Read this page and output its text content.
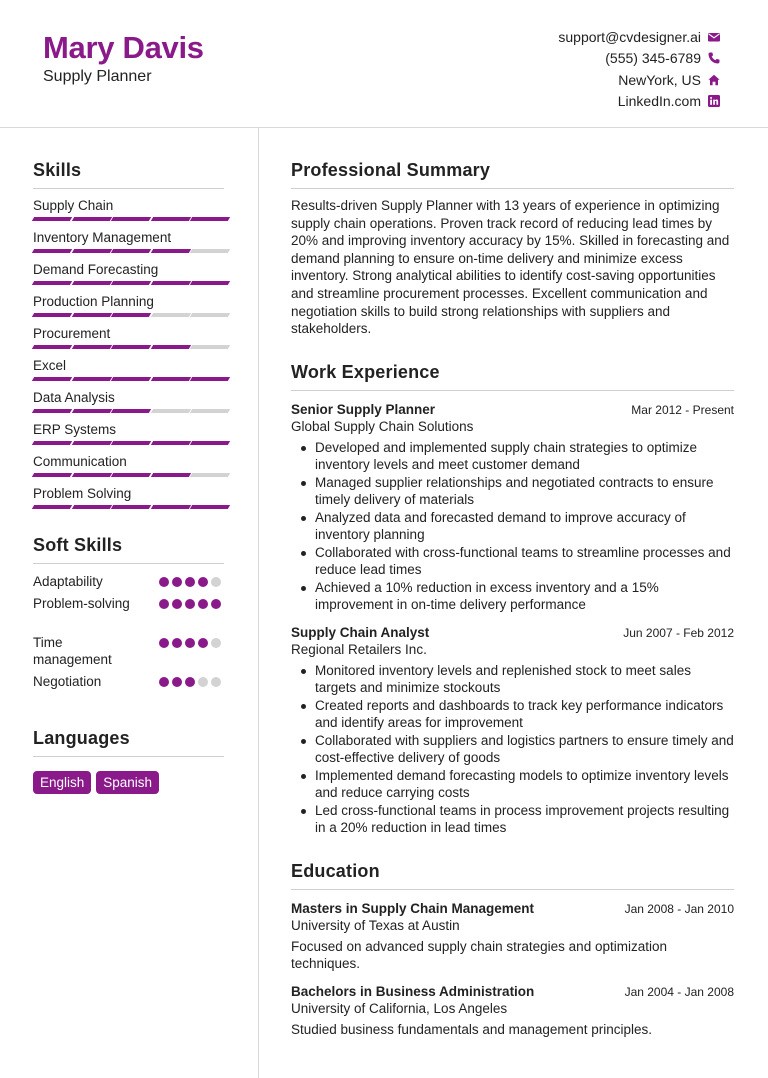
Mary Davis
Supply Planner
support@cvdesigner.ai
(555) 345-6789
NewYork, US
LinkedIn.com
Skills
Supply Chain
Inventory Management
Demand Forecasting
Production Planning
Procurement
Excel
Data Analysis
ERP Systems
Communication
Problem Solving
Soft Skills
Adaptability
Problem-solving
Time management
Negotiation
Languages
English	Spanish
Professional Summary
Results-driven Supply Planner with 13 years of experience in optimizing supply chain operations. Proven track record of reducing lead times by 20% and improving inventory accuracy by 15%. Skilled in forecasting and demand planning to ensure on-time delivery and minimize excess inventory. Strong analytical abilities to identify cost-saving opportunities and streamline procurement processes. Excellent communication and negotiation skills to build strong relationships with suppliers and stakeholders.
Work Experience
Senior Supply Planner	Mar 2012 - Present
Global Supply Chain Solutions
Developed and implemented supply chain strategies to optimize inventory levels and meet customer demand
Managed supplier relationships and negotiated contracts to ensure timely delivery of materials
Analyzed data and forecasted demand to improve accuracy of inventory planning
Collaborated with cross-functional teams to streamline processes and reduce lead times
Achieved a 10% reduction in excess inventory and a 15% improvement in on-time delivery performance
Supply Chain Analyst	Jun 2007 - Feb 2012
Regional Retailers Inc.
Monitored inventory levels and replenished stock to meet sales targets and minimize stockouts
Created reports and dashboards to track key performance indicators and identify areas for improvement
Collaborated with suppliers and logistics partners to ensure timely and cost-effective delivery of goods
Implemented demand forecasting models to optimize inventory levels and reduce carrying costs
Led cross-functional teams in process improvement projects resulting in a 20% reduction in lead times
Education
Masters in Supply Chain Management	Jan 2008 - Jan 2010
University of Texas at Austin
Focused on advanced supply chain strategies and optimization techniques.
Bachelors in Business Administration	Jan 2004 - Jan 2008
University of California, Los Angeles
Studied business fundamentals and management principles.
